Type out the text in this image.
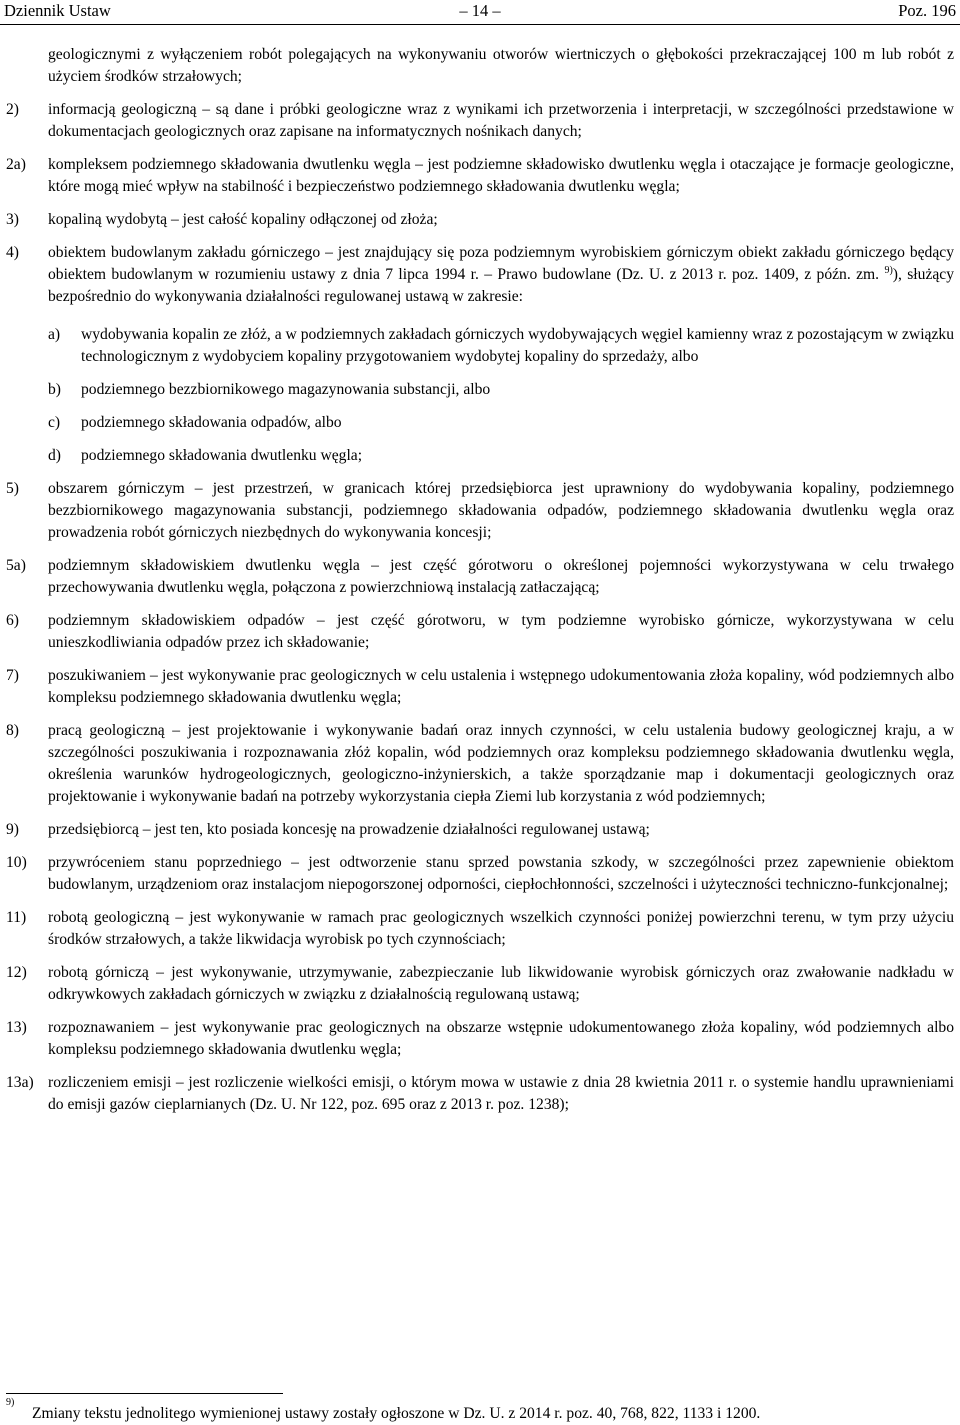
Dziennik Ustaw	– 14 –	Poz. 196
geologicznymi z wyłączeniem robót polegających na wykonywaniu otworów wiertniczych o głębokości przekraczającej 100 m lub robót z użyciem środków strzałowych;
2) informacją geologiczną – są dane i próbki geologiczne wraz z wynikami ich przetworzenia i interpretacji, w szczególności przedstawione w dokumentacjach geologicznych oraz zapisane na informatycznych nośnikach danych;
2a) kompleksem podziemnego składowania dwutlenku węgla – jest podziemne składowisko dwutlenku węgla i otaczające je formacje geologiczne, które mogą mieć wpływ na stabilność i bezpieczeństwo podziemnego składowania dwutlenku węgla;
3) kopaliną wydobytą – jest całość kopaliny odłączonej od złoża;
4) obiektem budowlanym zakładu górniczego – jest znajdujący się poza podziemnym wyrobiskiem górniczym obiekt zakładu górniczego będący obiektem budowlanym w rozumieniu ustawy z dnia 7 lipca 1994 r. – Prawo budowlane (Dz. U. z 2013 r. poz. 1409, z późn. zm. $^{9)}$), służący bezpośrednio do wykonywania działalności regulowanej ustawą w zakresie:
a) wydobywania kopalin ze złóż, a w podziemnych zakładach górniczych wydobywających węgiel kamienny wraz z pozostającym w związku technologicznym z wydobyciem kopaliny przygotowaniem wydobytej kopaliny do sprzedaży, albo
b) podziemnego bezzbiornikowego magazynowania substancji, albo
c) podziemnego składowania odpadów, albo
d) podziemnego składowania dwutlenku węgla;
5) obszarem górniczym – jest przestrzeń, w granicach której przedsiębiorca jest uprawniony do wydobywania kopaliny, podziemnego bezzbiornikowego magazynowania substancji, podziemnego składowania odpadów, podziemnego składowania dwutlenku węgla oraz prowadzenia robót górniczych niezbędnych do wykonywania koncesji;
5a) podziemnym składowiskiem dwutlenku węgla – jest część górotworu o określonej pojemności wykorzystywana w celu trwałego przechowywania dwutlenku węgla, połączona z powierzchniową instalacją zatłaczającą;
6) podziemnym składowiskiem odpadów – jest część górotworu, w tym podziemne wyrobisko górnicze, wykorzystywana w celu unieszkodliwiania odpadów przez ich składowanie;
7) poszukiwaniem – jest wykonywanie prac geologicznych w celu ustalenia i wstępnego udokumentowania złoża kopaliny, wód podziemnych albo kompleksu podziemnego składowania dwutlenku węgla;
8) pracą geologiczną – jest projektowanie i wykonywanie badań oraz innych czynności, w celu ustalenia budowy geologicznej kraju, a w szczególności poszukiwania i rozpoznawania złóż kopalin, wód podziemnych oraz kompleksu podziemnego składowania dwutlenku węgla, określenia warunków hydrogeologicznych, geologiczno-inżynierskich, a także sporządzanie map i dokumentacji geologicznych oraz projektowanie i wykonywanie badań na potrzeby wykorzystania ciepła Ziemi lub korzystania z wód podziemnych;
9) przedsiębiorcą – jest ten, kto posiada koncesję na prowadzenie działalności regulowanej ustawą;
10) przywróceniem stanu poprzedniego – jest odtworzenie stanu sprzed powstania szkody, w szczególności przez zapewnienie obiektom budowlanym, urządzeniom oraz instalacjom niepogorszonej odporności, ciepłochłonności, szczelności i użyteczności techniczno-funkcjonalnej;
11) robotą geologiczną – jest wykonywanie w ramach prac geologicznych wszelkich czynności poniżej powierzchni terenu, w tym przy użyciu środków strzałowych, a także likwidacja wyrobisk po tych czynnościach;
12) robotą górniczą – jest wykonywanie, utrzymywanie, zabezpieczanie lub likwidowanie wyrobisk górniczych oraz zwałowanie nadkładu w odkrywkowych zakładach górniczych w związku z działalnością regulowaną ustawą;
13) rozpoznawaniem – jest wykonywanie prac geologicznych na obszarze wstępnie udokumentowanego złoża kopaliny, wód podziemnych albo kompleksu podziemnego składowania dwutlenku węgla;
13a) rozliczeniem emisji – jest rozliczenie wielkości emisji, o którym mowa w ustawie z dnia 28 kwietnia 2011 r. o systemie handlu uprawnieniami do emisji gazów cieplarnianych (Dz. U. Nr 122, poz. 695 oraz z 2013 r. poz. 1238);
9)
Zmiany tekstu jednolitego wymienionej ustawy zostały ogłoszone w Dz. U. z 2014 r. poz. 40, 768, 822, 1133 i 1200.
